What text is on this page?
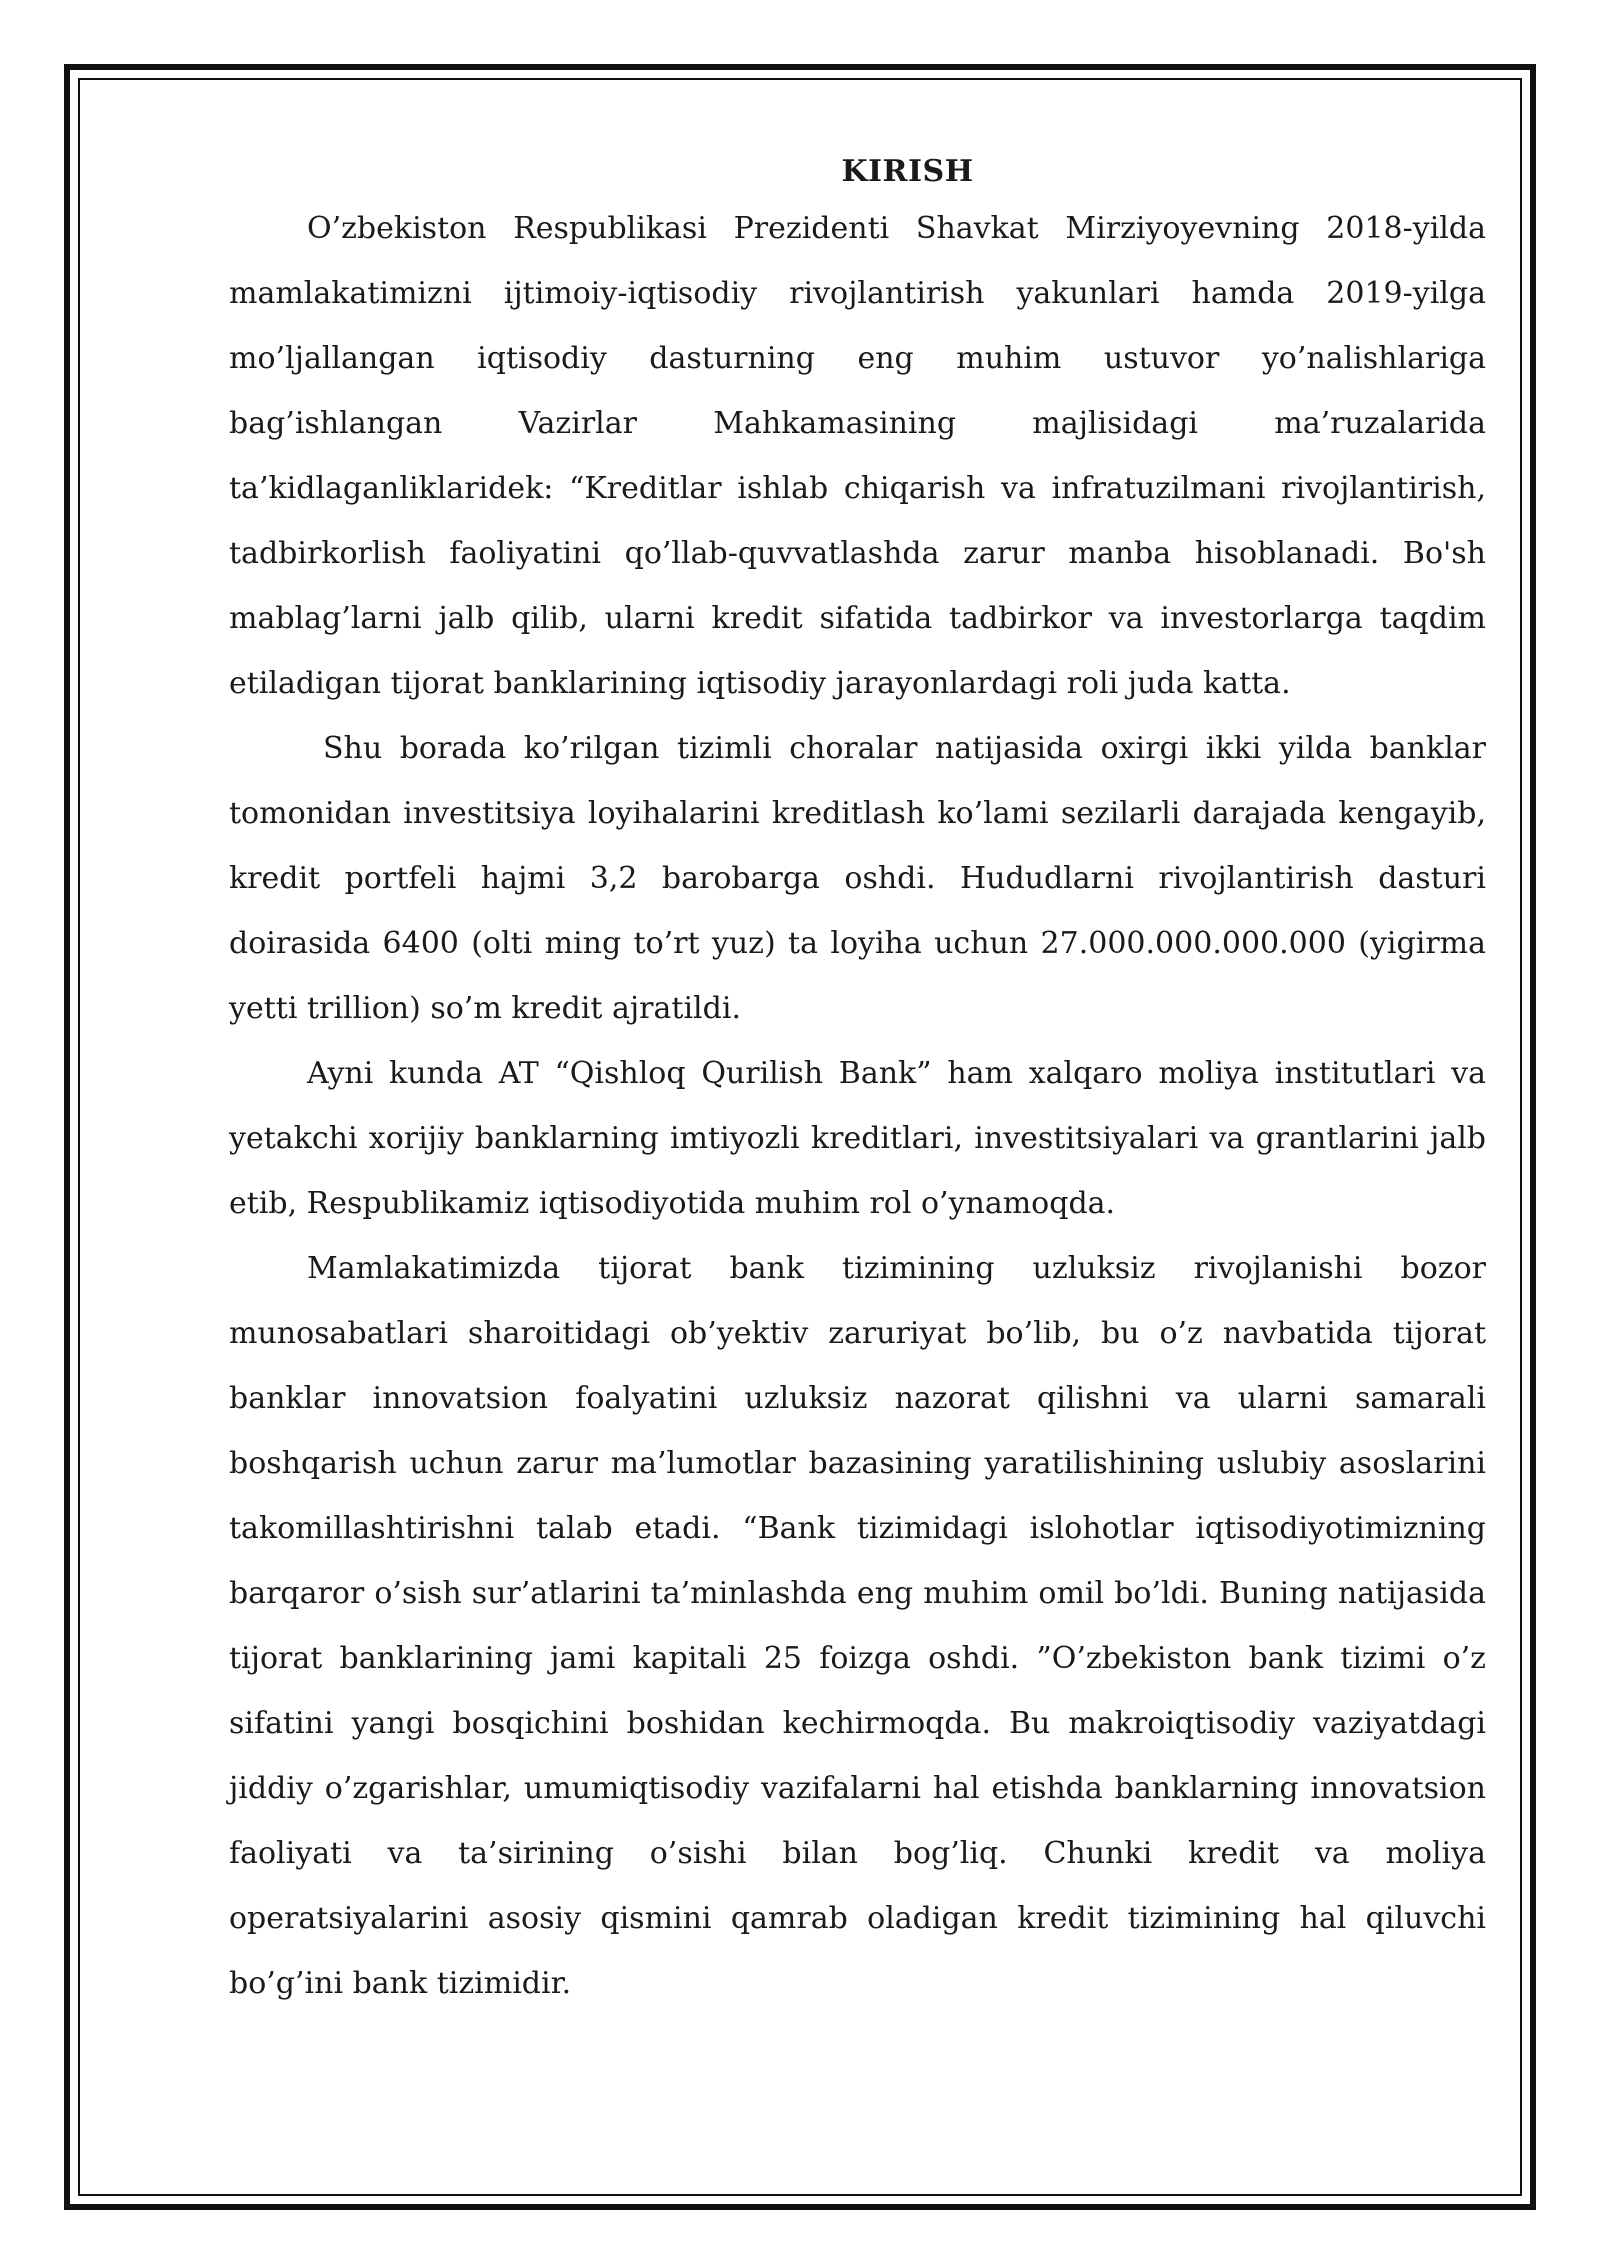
KIRISH

O’zbekiston Respublikasi Prezidenti Shavkat Mirziyoyevning 2018-yilda mamlakatimizni ijtimoiy-iqtisodiy rivojlantirish yakunlari hamda 2019-yilga mo’ljallangan iqtisodiy dasturning eng muhim ustuvor yo’nalishlariga bag’ishlangan Vazirlar Mahkamasining majlisidagi ma’ruzalarida ta’kidlaganliklaridek: “Kreditlar ishlab chiqarish va infratuzilmani rivojlantirish, tadbirkorlish faoliyatini qo’llab-quvvatlashda zarur manba hisoblanadi. Bo'sh mablag’larni jalb qilib, ularni kredit sifatida tadbirkor va investorlarga taqdim etiladigan tijorat banklarining iqtisodiy jarayonlardagi roli juda katta.

Shu borada ko’rilgan tizimli choralar natijasida oxirgi ikki yilda banklar tomonidan investitsiya loyihalarini kreditlash ko’lami sezilarli darajada kengayib, kredit portfeli hajmi 3,2 barobarga oshdi. Hududlarni rivojlantirish dasturi doirasida 6400 (olti ming to’rt yuz) ta loyiha uchun 27.000.000.000.000 (yigirma yetti trillion) so’m kredit ajratildi.

Ayni kunda AT “Qishloq Qurilish Bank” ham xalqaro moliya institutlari va yetakchi xorijiy banklarning imtiyozli kreditlari, investitsiyalari va grantlarini jalb etib, Respublikamiz iqtisodiyotida muhim rol o’ynamoqda.

Mamlakatimizda tijorat bank tizimining uzluksiz rivojlanishi bozor munosabatlari sharoitidagi ob’yektiv zaruriyat bo’lib, bu o’z navbatida tijorat banklar innovatsion foalyatini uzluksiz nazorat qilishni va ularni samarali boshqarish uchun zarur ma’lumotlar bazasining yaratilishining uslubiy asoslarini takomillashtirishni talab etadi. “Bank tizimidagi islohotlar iqtisodiyotimizning barqaror o’sish sur’atlarini ta’minlashda eng muhim omil bo’ldi. Buning natijasida tijorat banklarining jami kapitali 25 foizga oshdi. ”O’zbekiston bank tizimi o’z sifatini yangi bosqichini boshidan kechirmoqda. Bu makroiqtisodiy vaziyatdagi jiddiy o’zgarishlar, umumiqtisodiy vazifalarni hal etishda banklarning innovatsion faoliyati va ta’sirining o’sishi bilan bog’liq. Chunki kredit va moliya operatsiyalarini asosiy qismini qamrab oladigan kredit tizimining hal qiluvchi bo’g’ini bank tizimidir.
